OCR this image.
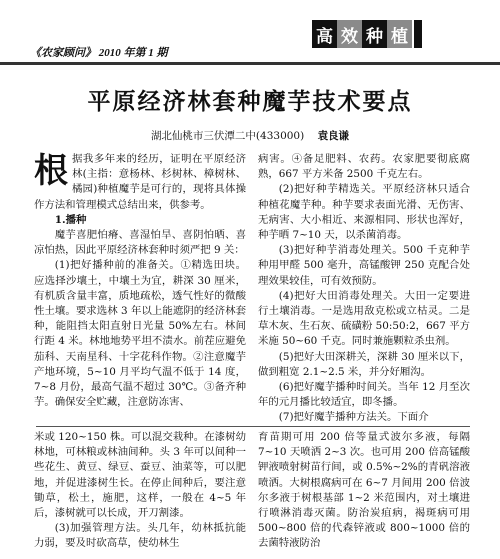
《农家顾问》 2010 年第 1 期
高 效 种 植
平原经济林套种魔芋技术要点
湖北仙桃市三伏潭二中(433000) 袁良谦
根 据我多年来的经历，证明在平原经济林(主指：意杨林、杉树林、樟树林、橘园)种植魔芋是可行的，现将具体操作方法和管理模式总结出来，供参考。

1.播种

魔芋喜肥怕瘠、喜湿怕旱、喜阴怕晒、喜凉怕热，因此平原经济林套种时须严把 9 关：

(1)把好播种前的准备关。①精选田块。应选择沙壤土，中壤土为宜，耕深 30 厘米，有机质含量丰富，质地疏松，透气性好的微酸性土壤。要求选林 3 年以上能遮阴的经济林套种，能阻挡太阳直射日光量 50%左右。林间行距 4 米。林地地势平坦不渍水。前茬应避免茄科、天南星科、十字花科作物。②注意魔芋产地环境，5~10 月平均气温不低于 14 度，7~8 月份，最高气温不超过 30℃。③备齐种芋。确保安全贮藏，注意防冻害、

病害。④备足肥料、农药。农家肥要彻底腐熟，667 平方米备 2500 千克左右。

(2)把好种芋精选关。平原经济林只适合种植花魔芋种。种芋要求表面光滑、无伤害、无病害、大小相近、来源相同、形状也浑好，种芋晒 7~10 天，以杀菌消毒。

(3)把好种芋消毒处理关。500 千克种芋种用甲醛 500 毫升，高锰酸钾 250 克配合处理效果较佳，可有效预防。

(4)把好大田消毒处理关。大田一定要进行土壤消毒。一是选用敌克松或立枯灵。二是草木灰、生石灰、硫磺粉 50:50:2，667 平方米施 50~60 千克。同时兼施颗粒杀虫剂。

(5)把好大田深耕关，深耕 30 厘米以下，做到粗宽 2.1~2.5 米，并分好厢沟。

(6)把好魔芋播种时间关。当年 12 月至次年的元月播比较适宜，即冬播。

(7)把好魔芋播种方法关。下面介

米或 120~150 株。可以混交栽种。在漆树幼林地，可林粮或林油间种。头 3 年可以间种一些花生、黄豆、绿豆、蚕豆、油菜等，可以肥地，并促进漆树生长。在停止间种后，要注意锄草，松土，施肥，这样，一般在 4~5 年后，漆树就可以长成，开刀割漆。

(3)加强管理方法。头几年，幼林抵抗能力弱，要及时砍高草，使幼林生

育苗期可用 200 倍等量式波尔多液，每隔 7~10 天喷洒 2~3 次。也可用 200 倍高锰酸钾液喷射树苗行间，或 0.5%~2%的青矾溶液喷洒。大树根腐病可在 6~7 月间用 200 倍波尔多液于树根基部 1~2 米范围内，对土壤进行喷淋消毒灭菌。防治炭疽病，褐斑病可用 500~800 倍的代森锌液或 800~1000 倍的去菌特液防治
